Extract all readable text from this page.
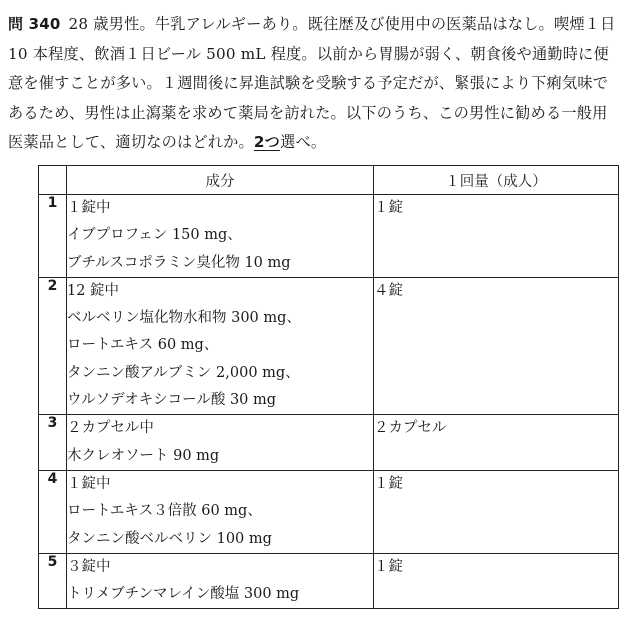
問 340 28 歳男性。牛乳アレルギーあり。既往歴及び使用中の医薬品はなし。喫煙１日 10 本程度、飲酒１日ビール 500 mL 程度。以前から胃腸が弱く、朝食後や通勤時に便意を催すことが多い。１週間後に昇進試験を受験する予定だが、緊張により下痢気味であるため、男性は止瀉薬を求めて薬局を訪れた。以下のうち、この男性に勧める一般用医薬品として、適切なのはどれか。2つ選べ。
	成分	１回量（成人）
1	１錠中
イブプロフェン 150 mg、
ブチルスコポラミン臭化物 10 mg	１錠
2	12 錠中
ベルベリン塩化物水和物 300 mg、
ロートエキス 60 mg、
タンニン酸アルブミン 2,000 mg、
ウルソデオキシコール酸 30 mg	４錠
3	２カプセル中
木クレオソート 90 mg	２カプセル
4	１錠中
ロートエキス３倍散 60 mg、
タンニン酸ベルベリン 100 mg	１錠
5	３錠中
トリメブチンマレイン酸塩 300 mg	１錠
